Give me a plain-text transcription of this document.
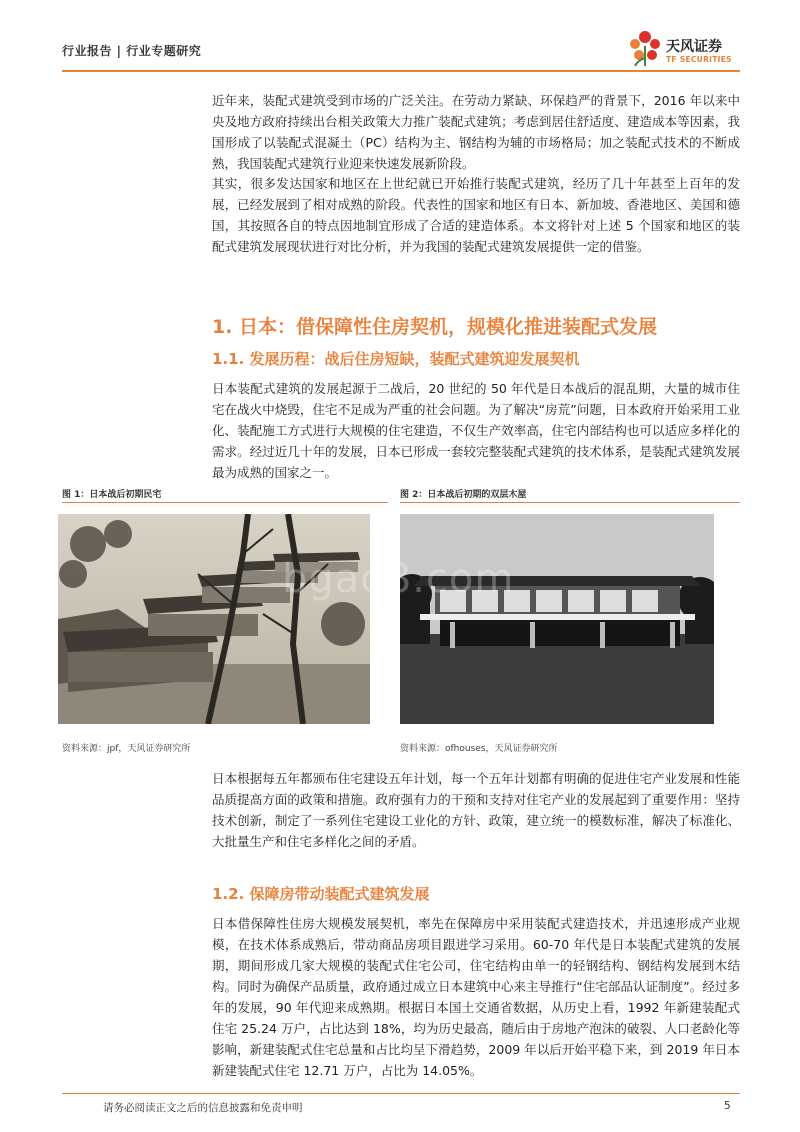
行业报告 | 行业专题研究	天风证券
TF SECURITIES
近年来，装配式建筑受到市场的广泛关注。在劳动力紧缺、环保趋严的背景下，2016 年以来中央及地方政府持续出台相关政策大力推广装配式建筑；考虑到居住舒适度、建造成本等因素，我国形成了以装配式混凝土（PC）结构为主、钢结构为辅的市场格局；加之装配式技术的不断成熟，我国装配式建筑行业迎来快速发展新阶段。
其实，很多发达国家和地区在上世纪就已开始推行装配式建筑，经历了几十年甚至上百年的发展，已经发展到了相对成熟的阶段。代表性的国家和地区有日本、新加坡、香港地区、美国和德国，其按照各自的特点因地制宜形成了合适的建造体系。本文将针对上述 5 个国家和地区的装配式建筑发展现状进行对比分析，并为我国的装配式建筑发展提供一定的借鉴。
1. 日本：借保障性住房契机，规模化推进装配式发展
1.1. 发展历程：战后住房短缺，装配式建筑迎发展契机
日本装配式建筑的发展起源于二战后，20 世纪的 50 年代是日本战后的混乱期，大量的城市住宅在战火中烧毁，住宅不足成为严重的社会问题。为了解决“房荒”问题，日本政府开始采用工业化、装配施工方式进行大规模的住宅建造，不仅生产效率高，住宅内部结构也可以适应多样化的需求。经过近几十年的发展，日本已形成一套较完整装配式建筑的技术体系，是装配式建筑发展最为成熟的国家之一。
图 1：日本战后初期民宅	图 2：日本战后初期的双层木屋
bgao8.com
资料来源：jpf，天风证券研究所	资料来源：ofhouses，天风证券研究所
日本根据每五年都颁布住宅建设五年计划，每一个五年计划都有明确的促进住宅产业发展和性能品质提高方面的政策和措施。政府强有力的干预和支持对住宅产业的发展起到了重要作用：坚持技术创新，制定了一系列住宅建设工业化的方针、政策，建立统一的模数标准，解决了标准化、大批量生产和住宅多样化之间的矛盾。
1.2. 保障房带动装配式建筑发展
日本借保障性住房大规模发展契机，率先在保障房中采用装配式建造技术，并迅速形成产业规模，在技术体系成熟后，带动商品房项目跟进学习采用。60-70 年代是日本装配式建筑的发展期，期间形成几家大规模的装配式住宅公司，住宅结构由单一的轻钢结构、钢结构发展到木结构。同时为确保产品质量，政府通过成立日本建筑中心来主导推行“住宅部品认证制度”。经过多年的发展，90 年代迎来成熟期。根据日本国土交通省数据，从历史上看，1992 年新建装配式住宅 25.24 万户，占比达到 18%，均为历史最高，随后由于房地产泡沫的破裂、人口老龄化等影响，新建装配式住宅总量和占比均呈下滑趋势，2009 年以后开始平稳下来，到 2019 年日本新建装配式住宅 12.71 万户，占比为 14.05%。
请务必阅读正文之后的信息披露和免责申明	5
